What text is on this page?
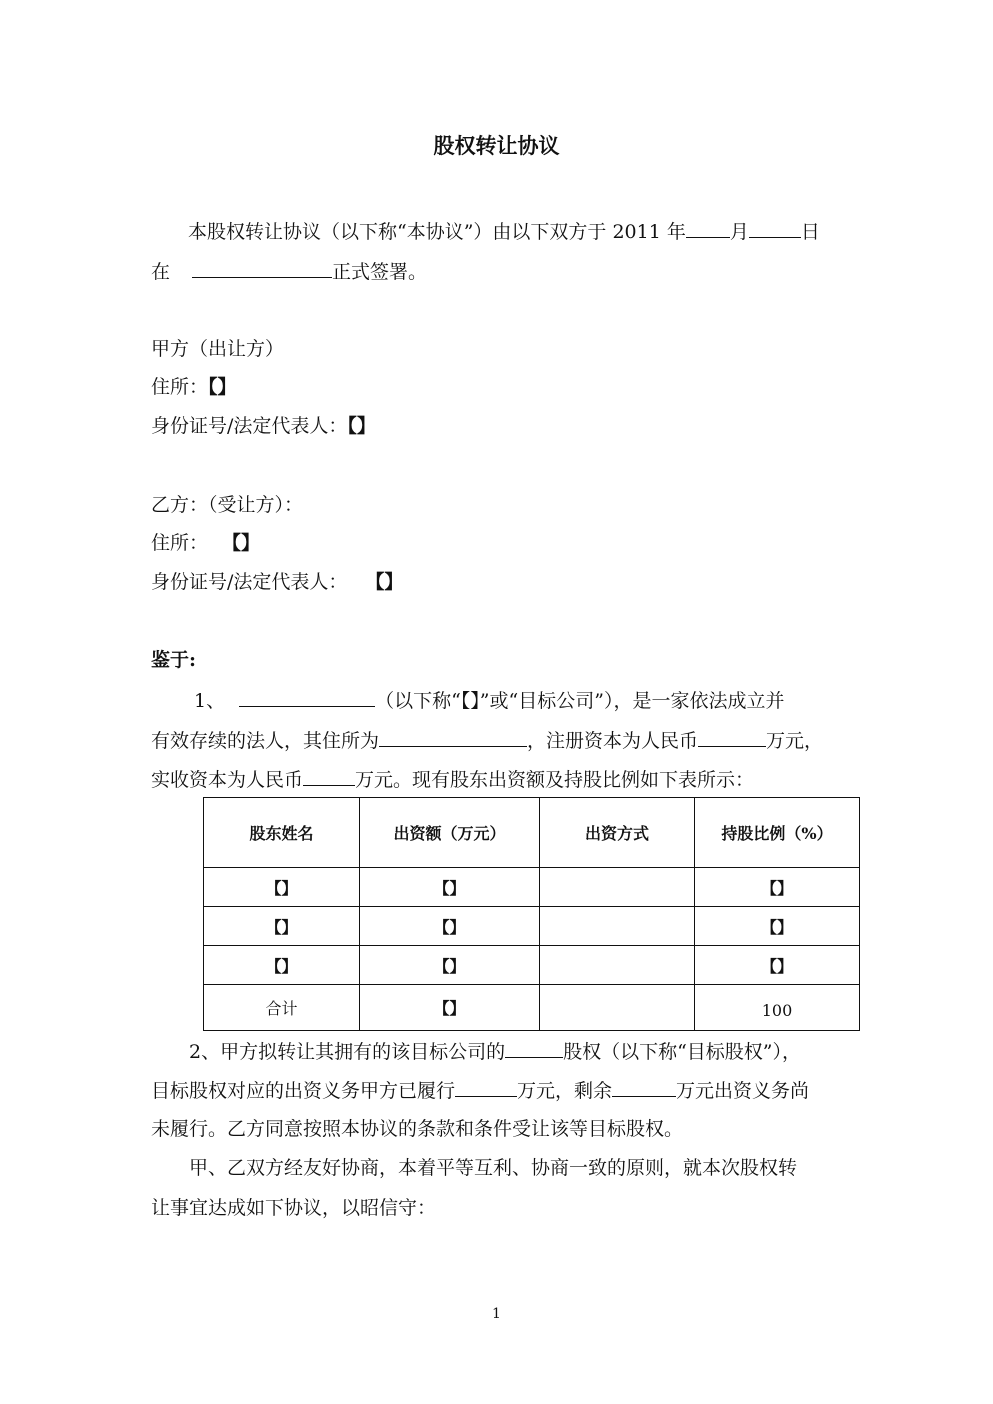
股权转让协议
本股权转让协议（以下称“本协议”）由以下双方于 2011 年 月	日
在	正式签署。
甲方（出让方）
住所：【】
身份证号/法定代表人：【】
乙方：（受让方）：
住所： 【】
身份证号/法定代表人： 【】
鉴于:
1、	（以下称“【】”或“目标公司”），是一家依法成立并
有效存续的法人，其住所为	，注册资本为人民币	万元，
实收资本为人民币	万元。现有股东出资额及持股比例如下表所示：
股东姓名	出资额（万元）	出资方式	持股比例（%）
【】	【】		【】
【】	【】		【】
【】	【】		【】
合计	【】		100
2、甲方拟转让其拥有的该目标公司的	股权（以下称“目标股权”），
目标股权对应的出资义务甲方已履行	万元，剩余	万元出资义务尚
未履行。乙方同意按照本协议的条款和条件受让该等目标股权。
甲、乙双方经友好协商，本着平等互利、协商一致的原则，就本次股权转
让事宜达成如下协议，以昭信守：
1
